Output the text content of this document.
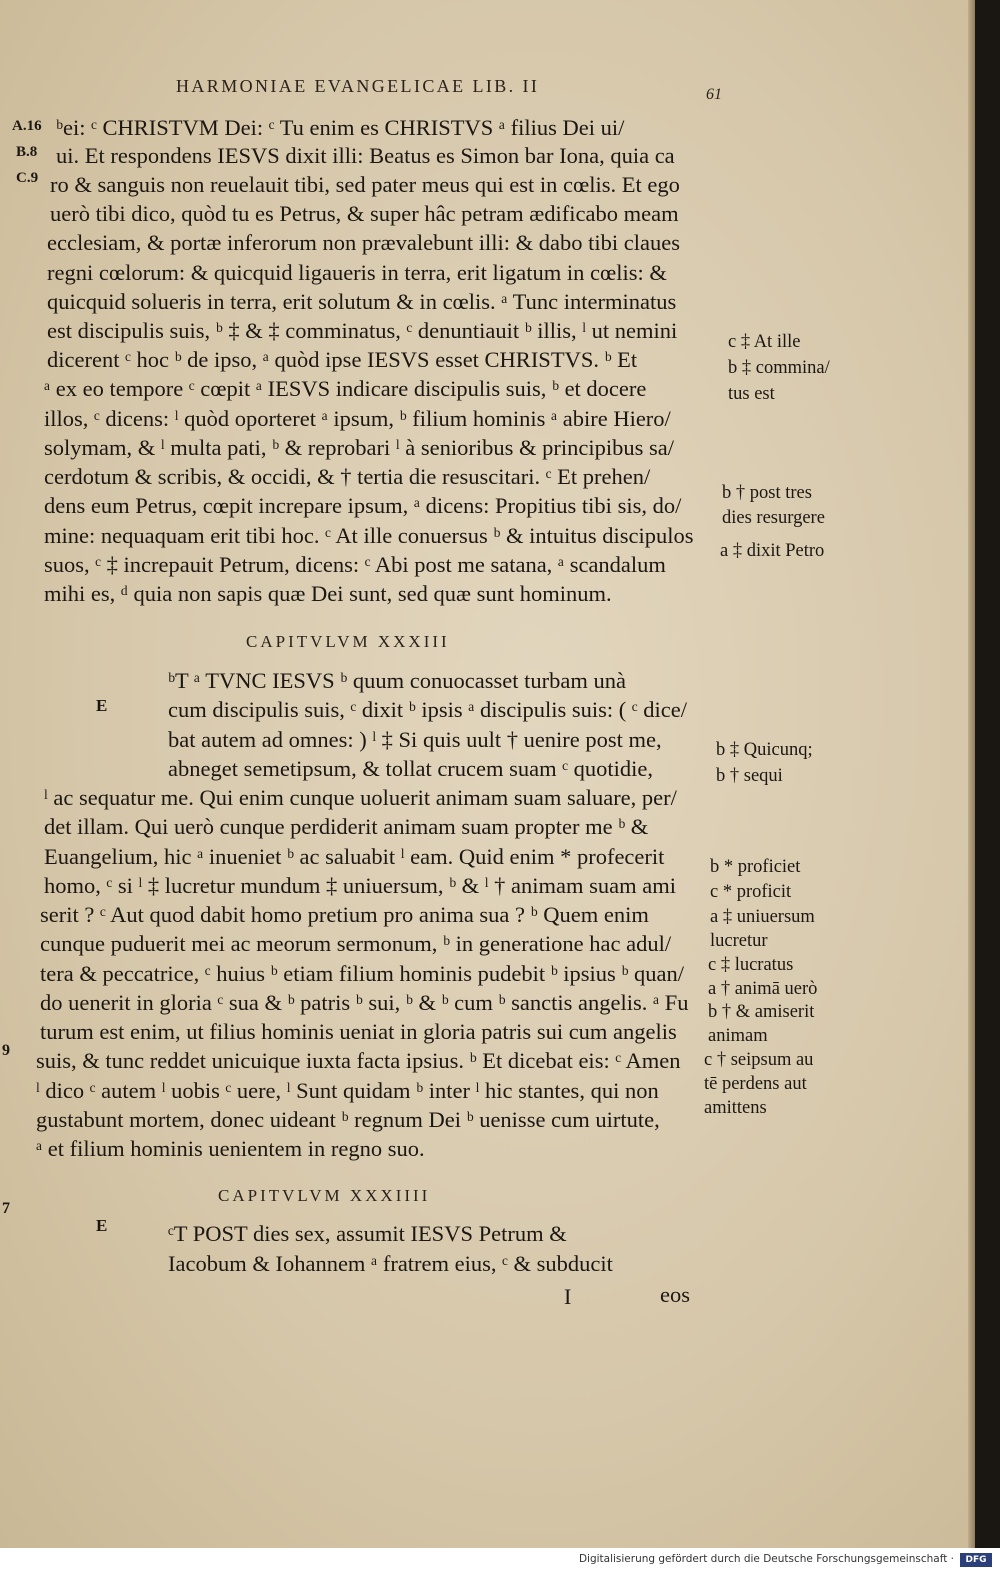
HARMONIAE EVANGELICAE LIB. II	61
A.16
B.8
C.9
E
E
9
7
ᵇei: ᶜ CHRISTVM Dei: ᶜ Tu enim es CHRISTVS ᵃ filius Dei ui/
ui. Et respondens IESVS dixit illi: Beatus es Simon bar Iona, quia ca
ro & sanguis non reuelauit tibi, sed pater meus qui est in cœlis. Et ego
uerò tibi dico, quòd tu es Petrus, & super hâc petram ædificabo meam
ecclesiam, & portæ inferorum non prævalebunt illi: & dabo tibi claues
regni cœlorum: & quicquid ligaueris in terra, erit ligatum in cœlis: &
quicquid solueris in terra, erit solutum & in cœlis. ᵃ Tunc interminatus
est discipulis suis, ᵇ ‡ & ‡ comminatus, ᶜ denuntiauit ᵇ illis, ˡ ut nemini
dicerent ᶜ hoc ᵇ de ipso, ᵃ quòd ipse IESVS esset CHRISTVS. ᵇ Et
ᵃ ex eo tempore ᶜ cœpit ᵃ IESVS indicare discipulis suis, ᵇ et docere
illos, ᶜ dicens: ˡ quòd oporteret ᵃ ipsum, ᵇ filium hominis ᵃ abire Hiero/
solymam, & ˡ multa pati, ᵇ & reprobari ˡ à senioribus & principibus sa/
cerdotum & scribis, & occidi, & † tertia die resuscitari. ᶜ Et prehen/
dens eum Petrus, cœpit increpare ipsum, ᵃ dicens: Propitius tibi sis, do/
mine: nequaquam erit tibi hoc. ᶜ At ille conuersus ᵇ & intuitus discipulos
suos, ᶜ ‡ increpauit Petrum, dicens: ᶜ Abi post me satana, ᵃ scandalum
mihi es, ᵈ quia non sapis quæ Dei sunt, sed quæ sunt hominum.
CAPITVLVM XXXIII
ᵇT ᵃ TVNC IESVS ᵇ quum conuocasset turbam unà
cum discipulis suis, ᶜ dixit ᵇ ipsis ᵃ discipulis suis: ( ᶜ dice/
bat autem ad omnes: ) ˡ ‡ Si quis uult † uenire post me,
abneget semetipsum, & tollat crucem suam ᶜ quotidie,
ˡ ac sequatur me. Qui enim cunque uoluerit animam suam saluare, per/
det illam. Qui uerò cunque perdiderit animam suam propter me ᵇ &
Euangelium, hic ᵃ inueniet ᵇ ac saluabit ˡ eam. Quid enim * profecerit
homo, ᶜ si ˡ ‡ lucretur mundum ‡ uniuersum, ᵇ & ˡ † animam suam ami
serit ? ᶜ Aut quod dabit homo pretium pro anima sua ? ᵇ Quem enim
cunque puduerit mei ac meorum sermonum, ᵇ in generatione hac adul/
tera & peccatrice, ᶜ huius ᵇ etiam filium hominis pudebit ᵇ ipsius ᵇ quan/
do uenerit in gloria ᶜ sua & ᵇ patris ᵇ sui, ᵇ & ᵇ cum ᵇ sanctis angelis. ᵃ Fu
turum est enim, ut filius hominis ueniat in gloria patris sui cum angelis
suis, & tunc reddet unicuique iuxta facta ipsius. ᵇ Et dicebat eis: ᶜ Amen
ˡ dico ᶜ autem ˡ uobis ᶜ uere, ˡ Sunt quidam ᵇ inter ˡ hic stantes, qui non
gustabunt mortem, donec uideant ᵇ regnum Dei ᵇ uenisse cum uirtute,
ᵃ et filium hominis uenientem in regno suo.
CAPITVLVM XXXIIII
ᶜT POST dies sex, assumit IESVS Petrum &
Iacobum & Iohannem ᵃ fratrem eius, ᶜ & subducit
I	eos
c ‡ At ille
b ‡ commina/
tus est
b † post tres
dies resurgere
a ‡ dixit Petro
b ‡ Quicunq;
b † sequi
b * proficiet
c * proficit
a ‡ uniuersum
lucretur
c ‡ lucratus
a † animā uerò
b † & amiserit
animam
c † seipsum au
tē perdens aut
amittens
Digitalisierung gefördert durch die Deutsche Forschungsgemeinschaft ·	DFG
